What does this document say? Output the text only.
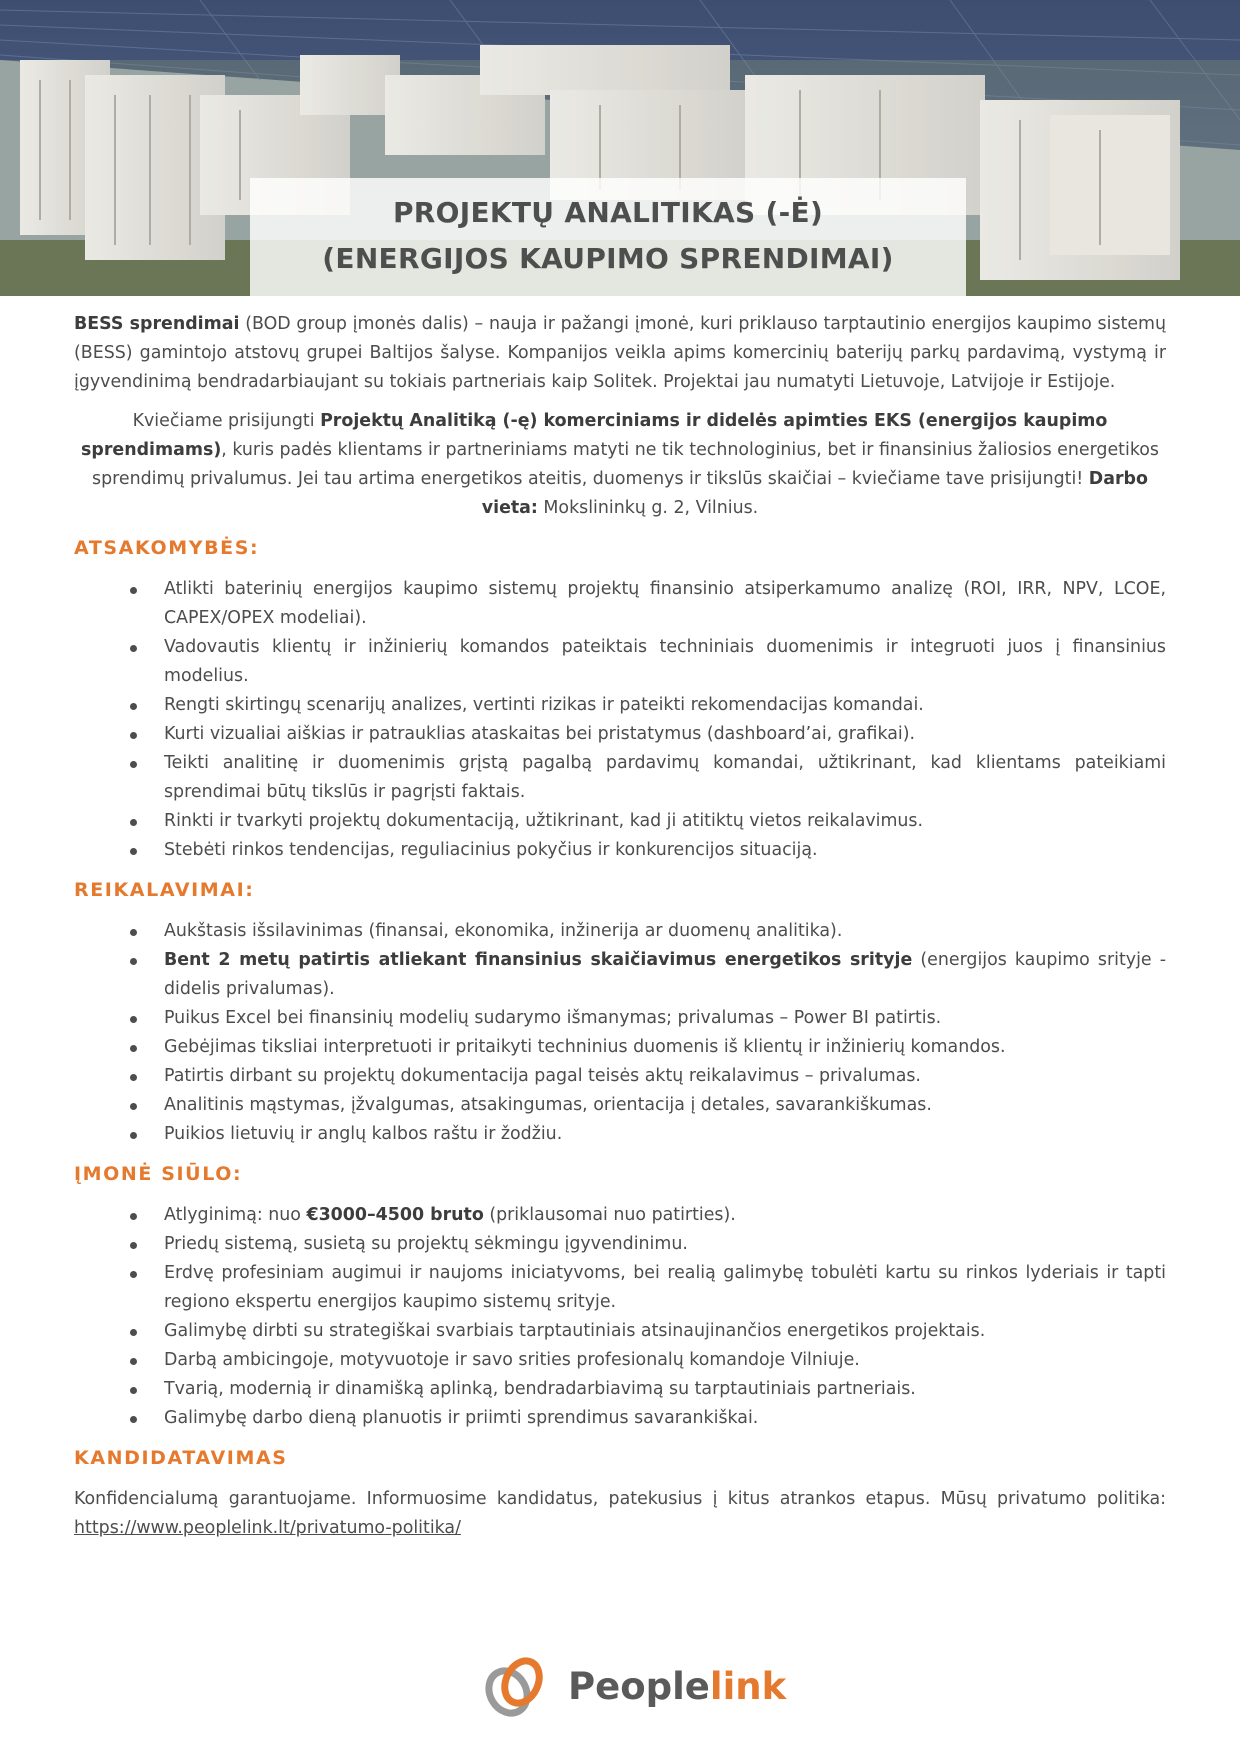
PROJEKTŲ ANALITIKAS (-Ė)
(ENERGIJOS KAUPIMO SPRENDIMAI)

BESS sprendimai (BOD group įmonės dalis) – nauja ir pažangi įmonė, kuri priklauso tarptautinio energijos kaupimo sistemų (BESS) gamintojo atstovų grupei Baltijos šalyse. Kompanijos veikla apims komercinių baterijų parkų pardavimą, vystymą ir įgyvendinimą bendradarbiaujant su tokiais partneriais kaip Solitek. Projektai jau numatyti Lietuvoje, Latvijoje ir Estijoje.

Kviečiame prisijungti Projektų Analitiką (-ę) komerciniams ir didelės apimties EKS (energijos kaupimo sprendimams), kuris padės klientams ir partneriniams matyti ne tik technologinius, bet ir finansinius žaliosios energetikos sprendimų privalumus. Jei tau artima energetikos ateitis, duomenys ir tikslūs skaičiai – kviečiame tave prisijungti! Darbo vieta: Mokslininkų g. 2, Vilnius.

ATSAKOMYBĖS:
Atlikti baterinių energijos kaupimo sistemų projektų finansinio atsiperkamumo analizę (ROI, IRR, NPV, LCOE, CAPEX/OPEX modeliai).
Vadovautis klientų ir inžinierių komandos pateiktais techniniais duomenimis ir integruoti juos į finansinius modelius.
Rengti skirtingų scenarijų analizes, vertinti rizikas ir pateikti rekomendacijas komandai.
Kurti vizualiai aiškias ir patrauklias ataskaitas bei pristatymus (dashboard’ai, grafikai).
Teikti analitinę ir duomenimis grįstą pagalbą pardavimų komandai, užtikrinant, kad klientams pateikiami sprendimai būtų tikslūs ir pagrįsti faktais.
Rinkti ir tvarkyti projektų dokumentaciją, užtikrinant, kad ji atitiktų vietos reikalavimus.
Stebėti rinkos tendencijas, reguliacinius pokyčius ir konkurencijos situaciją.
REIKALAVIMAI:
Aukštasis išsilavinimas (finansai, ekonomika, inžinerija ar duomenų analitika).
Bent 2 metų patirtis atliekant finansinius skaičiavimus energetikos srityje (energijos kaupimo srityje - didelis privalumas).
Puikus Excel bei finansinių modelių sudarymo išmanymas; privalumas – Power BI patirtis.
Gebėjimas tiksliai interpretuoti ir pritaikyti techninius duomenis iš klientų ir inžinierių komandos.
Patirtis dirbant su projektų dokumentacija pagal teisės aktų reikalavimus – privalumas.
Analitinis mąstymas, įžvalgumas, atsakingumas, orientacija į detales, savarankiškumas.
Puikios lietuvių ir anglų kalbos raštu ir žodžiu.
ĮMONĖ SIŪLO:
Atlyginimą: nuo €3000–4500 bruto (priklausomai nuo patirties).
Priedų sistemą, susietą su projektų sėkmingu įgyvendinimu.
Erdvę profesiniam augimui ir naujoms iniciatyvoms, bei realią galimybę tobulėti kartu su rinkos lyderiais ir tapti regiono ekspertu energijos kaupimo sistemų srityje.
Galimybę dirbti su strategiškai svarbiais tarptautiniais atsinaujinančios energetikos projektais.
Darbą ambicingoje, motyvuotoje ir savo srities profesionalų komandoje Vilniuje.
Tvarią, modernią ir dinamišką aplinką, bendradarbiavimą su tarptautiniais partneriais.
Galimybę darbo dieną planuotis ir priimti sprendimus savarankiškai.
KANDIDATAVIMAS

Konfidencialumą garantuojame. Informuosime kandidatus, patekusius į kitus atrankos etapus. Mūsų privatumo politika: https://www.peoplelink.lt/privatumo-politika/

Peoplelink
